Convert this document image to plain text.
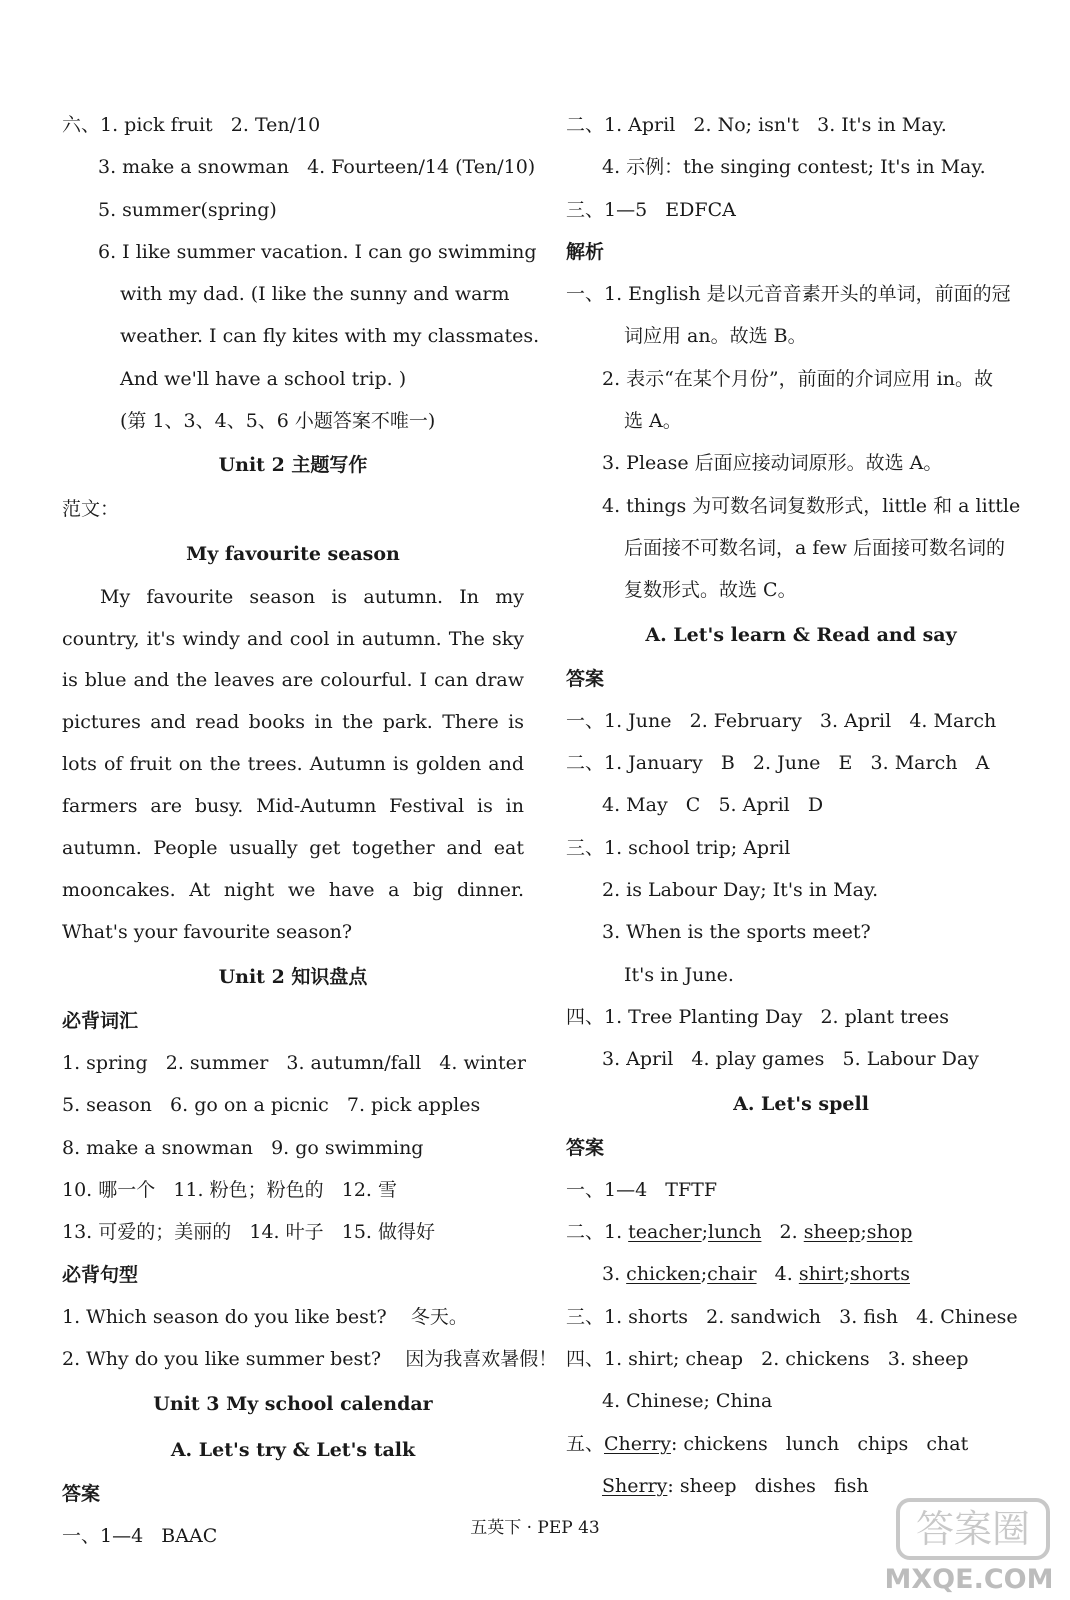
六、1. pick fruit   2. Ten/10
3. make a snowman   4. Fourteen/14 (Ten/10)
5. summer(spring)
6. I like summer vacation. I can go swimming
with my dad. (I like the sunny and warm
weather. I can fly kites with my classmates.
And we'll have a school trip. )
(第 1、3、4、5、6 小题答案不唯一)
Unit 2 主题写作
范文：
My favourite season
My favourite season is autumn. In my country, it's windy and cool in autumn. The sky is blue and the leaves are colourful. I can draw pictures and read books in the park. There is lots of fruit on the trees. Autumn is golden and farmers are busy. Mid-Autumn Festival is in autumn. People usually get together and eat mooncakes. At night we have a big dinner. What's your favourite season?
Unit 2 知识盘点
必背词汇
1. spring   2. summer   3. autumn/fall   4. winter
5. season   6. go on a picnic   7. pick apples
8. make a snowman   9. go swimming
10. 哪一个   11. 粉色；粉色的   12. 雪
13. 可爱的；美丽的   14. 叶子   15. 做得好
必背句型
1. Which season do you like best?    冬天。
2. Why do you like summer best?    因为我喜欢暑假！
Unit 3 My school calendar
A. Let's try & Let's talk
答案
一、1—4   BAAC
二、1. April   2. No; isn't   3. It's in May.
4. 示例：the singing contest; It's in May.
三、1—5   EDFCA
解析
一、1. English 是以元音音素开头的单词，前面的冠
词应用 an。故选 B。
2. 表示“在某个月份”，前面的介词应用 in。故
选 A。
3. Please 后面应接动词原形。故选 A。
4. things 为可数名词复数形式，little 和 a little
后面接不可数名词，a few 后面接可数名词的
复数形式。故选 C。
A. Let's learn & Read and say
答案
一、1. June   2. February   3. April   4. March
二、1. January   B   2. June   E   3. March   A
4. May   C   5. April   D
三、1. school trip; April
2. is Labour Day; It's in May.
3. When is the sports meet?
It's in June.
四、1. Tree Planting Day   2. plant trees
3. April   4. play games   5. Labour Day
A. Let's spell
答案
一、1—4   TFTF
二、1. teacher;lunch   2. sheep;shop
3. chicken;chair   4. shirt;shorts
三、1. shorts   2. sandwich   3. fish   4. Chinese
四、1. shirt; cheap   2. chickens   3. sheep
4. Chinese; China
五、Cherry: chickens   lunch   chips   chat
Sherry: sheep   dishes   fish
五英下 · PEP 43	答案圈
MXQE.COM
